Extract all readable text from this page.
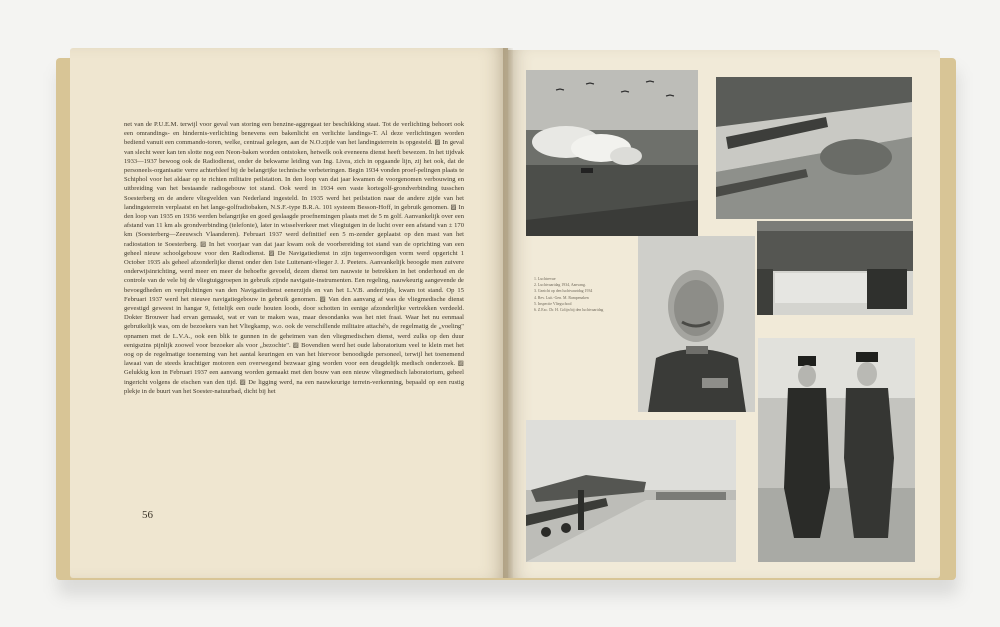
net van de P.U.E.M. terwijl voor geval van storing een benzine-aggregaat ter beschikking staat. Tot de verlichting behoort ook een omrandings- en hindernis-verlichting benevens een bakenlicht en verlichte landings-T. Al deze verlichtingen worden bediend vanuit een commando-toren, welke, centraal gelegen, aan de N.O.zijde van het landingsterrein is opgesteld. ▨ In geval van slecht weer kan ten slotte nog een Neon-baken worden ontstoken, hetwelk ook eveneens dienst heeft bewezen. In het tijdvak 1933—1937 bewoog ook de Radiodienst, onder de bekwame leiding van Ing. Livra, zich in opgaande lijn, zij het ook, dat de personeels-organisatie verre achterbleef bij de belangrijke technische verbeteringen. Begin 1934 vonden proef-pelingen plaats te Schiphol voor het aldaar op te richten militaire peilstation. In den loop van dat jaar kwamen de voorgenomen verbouwing en uitbreiding van het bestaande radiogebouw tot stand. Ook werd in 1934 een vaste kortegolf-grondverbinding tusschen Soesterberg en de andere vliegvelden van Nederland ingesteld. In 1935 werd het peilstation naar de andere zijde van het landingsterrein verplaatst en het lange-golfradiobaken, N.S.F.-type B.R.A. 101 systeem Besson-Hoff, in gebruik genomen. ▨ In den loop van 1935 en 1936 werden belangrijke en goed geslaagde proefnemingen plaats met de 5 m golf. Aanvankelijk over een afstand van 11 km als grondverbinding (telefonie), later in wisselverkeer met vliegtuigen in de lucht over een afstand van ± 170 km (Soesterberg—Zeeuwsch Vlaanderen). Februari 1937 werd definitief een 5 m-zender geplaatst op den mast van het radiostation te Soesterberg. ▨ In het voorjaar van dat jaar kwam ook de voorbereiding tot stand van de oprichting van een geheel nieuw schoolgebouw voor den Radiodienst. ▨ De Navigatiedienst in zijn tegenwoordigen vorm werd opgericht 1 October 1935 als geheel afzonderlijke dienst onder den 1ste Luitenant-vlieger J. J. Peeters. Aanvankelijk beoogde men zuivere onderwijsinrichting, werd meer en meer de behoefte gevoeld, dezen dienst ten nauwste te betrekken in het onderhoud en de controle van de vele bij de vliegtuiggroepen in gebruik zijnde navigatie-instrumenten. Een regeling, nauwkeurig aangevende de bevoegdheden en verplichtingen van den Navigatiedienst eenerzijds en van het L.V.B. anderzijds, kwam tot stand. Op 15 Februari 1937 werd het nieuwe navigatiegebouw in gebruik genomen. ▨ Van den aanvang af was de vliegmedische dienst gevestigd geweest in hangar 9, feitelijk een oude houten loods, door schotten in eenige afzonderlijke vertrekken verdeeld. Dokter Brouwer had ervan gemaakt, wat er van te maken was, maar desondanks was het niet fraai. Waar het nu eenmaal gebruikelijk was, om de bezoekers van het Vliegkamp, w.o. ook de verschillende militaire attaché's, de regelmatig de „voeling" opnamen met de L.V.A., ook een blik te gunnen in de geheimen van den vliegmedischen dienst, werd zulks op den duur eenigszins pijnlijk zoowel voor bezoeker als voor „bezochte". ▨ Bovendien werd het oude laboratorium veel te klein met het oog op de regelmatige toeneming van het aantal keuringen en van het hiervoor benoodigde personeel, terwijl het toenemend lawaai van de steeds krachtiger motoren een overwegend bezwaar ging worden voor een deugdelijk medisch onderzoek. ▨ Gelukkig kon in Februari 1937 een aanvang worden gemaakt met den bouw van een nieuw vliegmedisch laboratorium, geheel ingericht volgens de eischen van den tijd. ▨ De ligging werd, na een nauwkeurige terrein-verkenning, bepaald op een rustig plekje in de buurt van het Soester-natuurbad, dicht bij het
56
1. Luchtrevue
2. Luchtvaartdag 1934, Aanvang.
3. Gezicht op den luchtvaartdag 1934
4. Rev. Luit.-Gen. M. Rampenaken
5. Inspectie Vliegschool
6. Z.Exc. Dr. H. Colijn bij den luchtvaartdag
